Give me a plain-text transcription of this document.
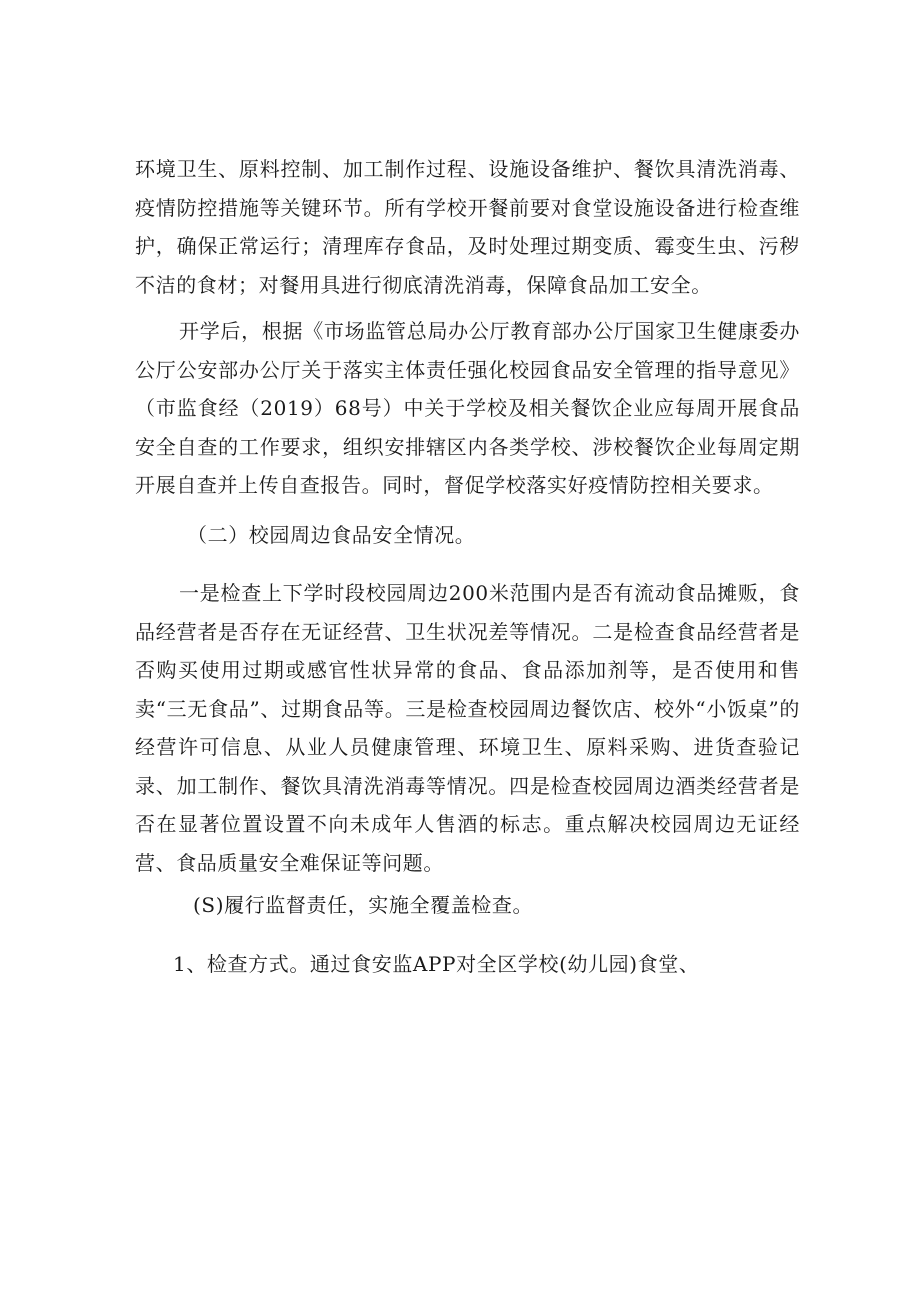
环境卫生、原料控制、加工制作过程、设施设备维护、餐饮具清洗消毒、疫情防控措施等关键环节。所有学校开餐前要对食堂设施设备进行检查维护，确保正常运行；清理库存食品，及时处理过期变质、霉变生虫、污秽不洁的食材；对餐用具进行彻底清洗消毒，保障食品加工安全。

开学后，根据《市场监管总局办公厅教育部办公厅国家卫生健康委办公厅公安部办公厅关于落实主体责任强化校园食品安全管理的指导意见》（市监食经（2019）68号）中关于学校及相关餐饮企业应每周开展食品安全自查的工作要求，组织安排辖区内各类学校、涉校餐饮企业每周定期开展自查并上传自查报告。同时，督促学校落实好疫情防控相关要求。

（二）校园周边食品安全情况。

一是检查上下学时段校园周边200米范围内是否有流动食品摊贩，食品经营者是否存在无证经营、卫生状况差等情况。二是检查食品经营者是否购买使用过期或感官性状异常的食品、食品添加剂等，是否使用和售卖“三无食品”、过期食品等。三是检查校园周边餐饮店、校外“小饭桌”的经营许可信息、从业人员健康管理、环境卫生、原料采购、进货查验记录、加工制作、餐饮具清洗消毒等情况。四是检查校园周边酒类经营者是否在显著位置设置不向未成年人售酒的标志。重点解决校园周边无证经营、食品质量安全难保证等问题。

(S)履行监督责任，实施全覆盖检查。

1、检查方式。通过食安监APP对全区学校(幼儿园)食堂、
